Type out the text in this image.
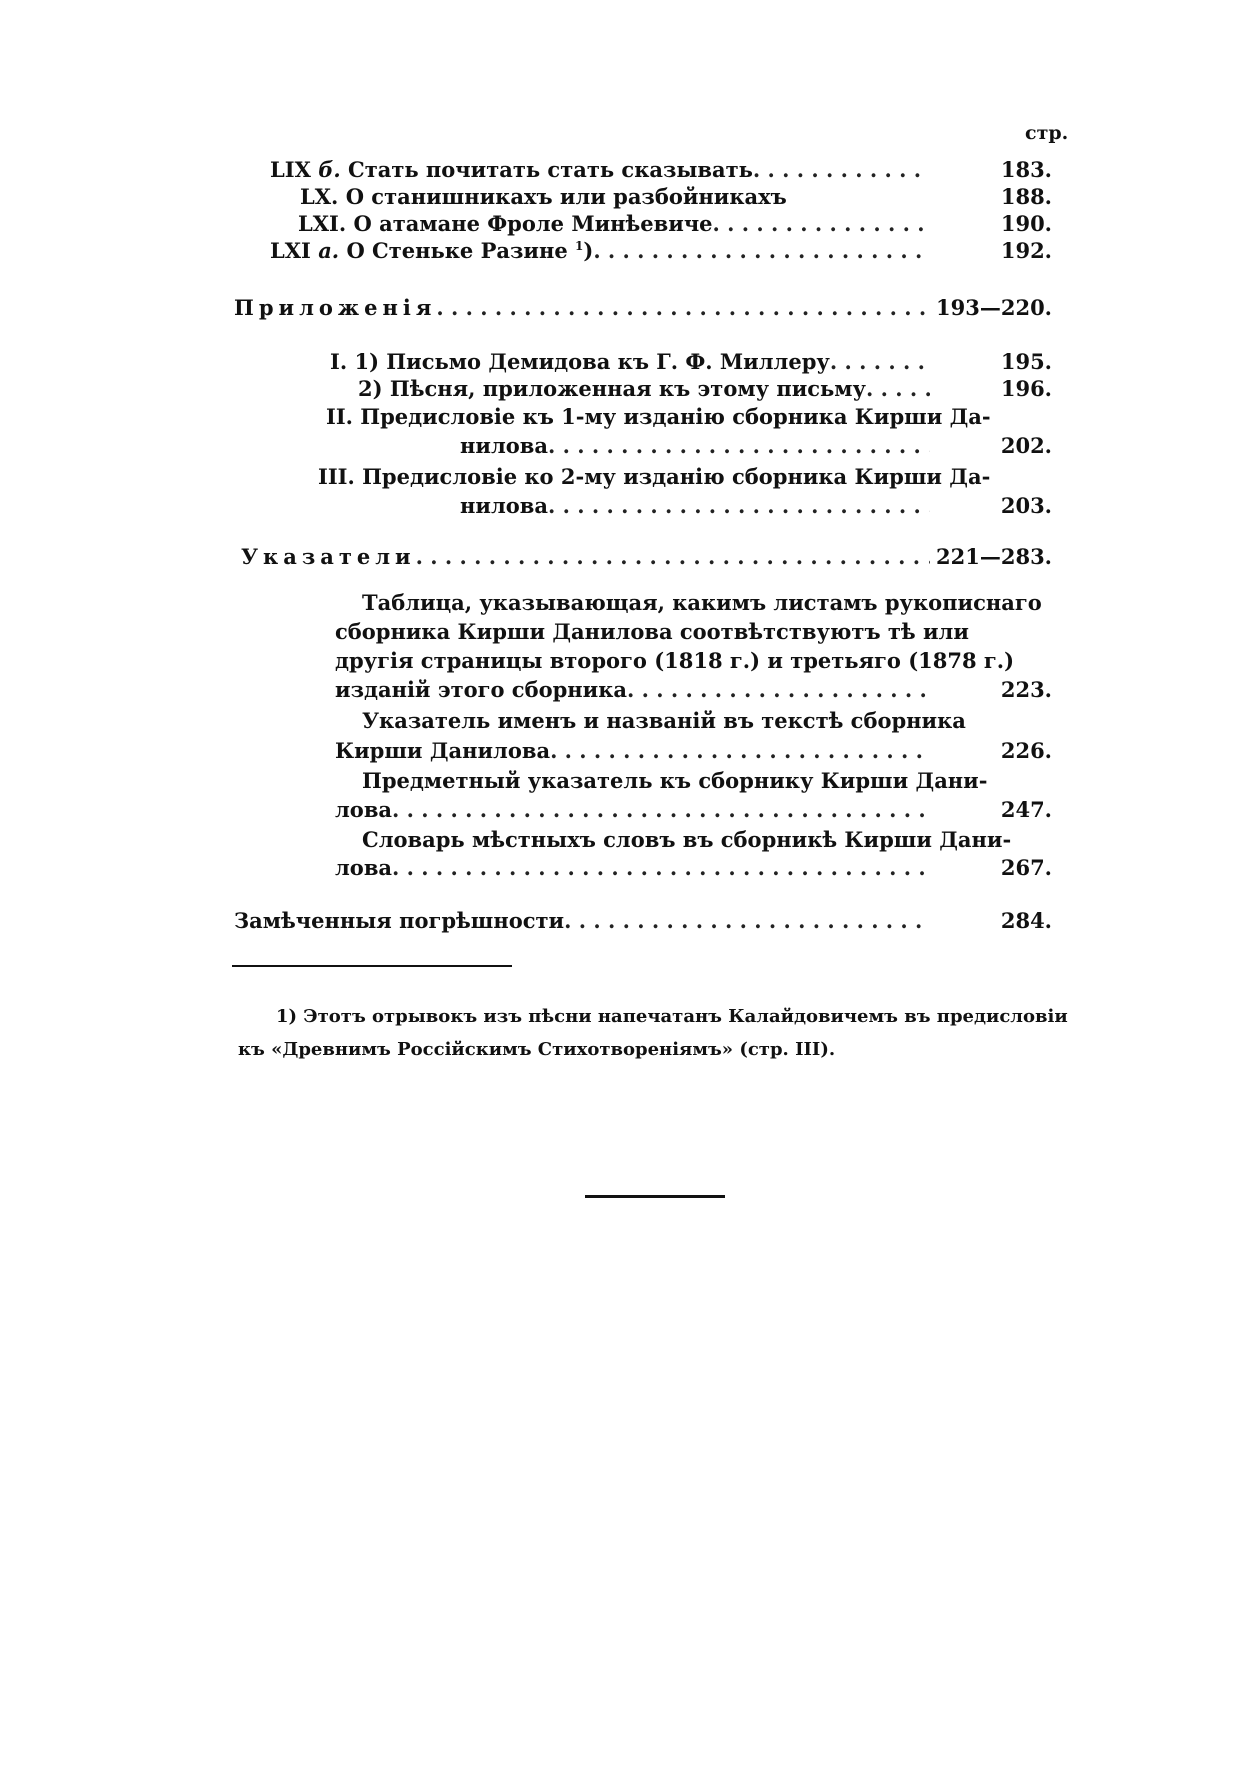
стр.
LIX б.
Стать почитать стать сказывать . . .	183.
LX.
О станишникахъ или разбойникахъ	188.
LXI.
О атамане Фроле Минѣевиче . . .	190.
LXI а.
О Стеньке Разине $^1$) . . .	192.
Приложенія . . .	193—220.
I.
1) Письмо Демидова къ Г. Ф. Миллеру . . .	195.
2) Пѣсня, приложенная къ этому письму . . .	196.
II.
Предисловіе къ 1-му изданію сборника Кирши Да-
нилова . . .	202.
III.
Предисловіе ко 2-му изданію сборника Кирши Да-
нилова . . .	203.
Указатели . . .	221—283.
Таблица, указывающая, какимъ листамъ рукописнаго
сборника Кирши Данилова соотвѣтствуютъ тѣ или
другія страницы второго (1818 г.) и третьяго (1878 г.)
изданій этого сборника . . .	223.
Указатель именъ и названій въ текстѣ сборника
Кирши Данилова . . .	226.
Предметный указатель къ сборнику Кирши Дани-
лова . . .	247.
Словарь мѣстныхъ словъ въ сборникѣ Кирши Дани-
лова . . .	267.
Замѣченныя погрѣшности . . .	284.
1) Этотъ отрывокъ изъ пѣсни напечатанъ Калайдовичемъ въ предисловіи
къ «Древнимъ Россійскимъ Стихотвореніямъ» (стр. III).
